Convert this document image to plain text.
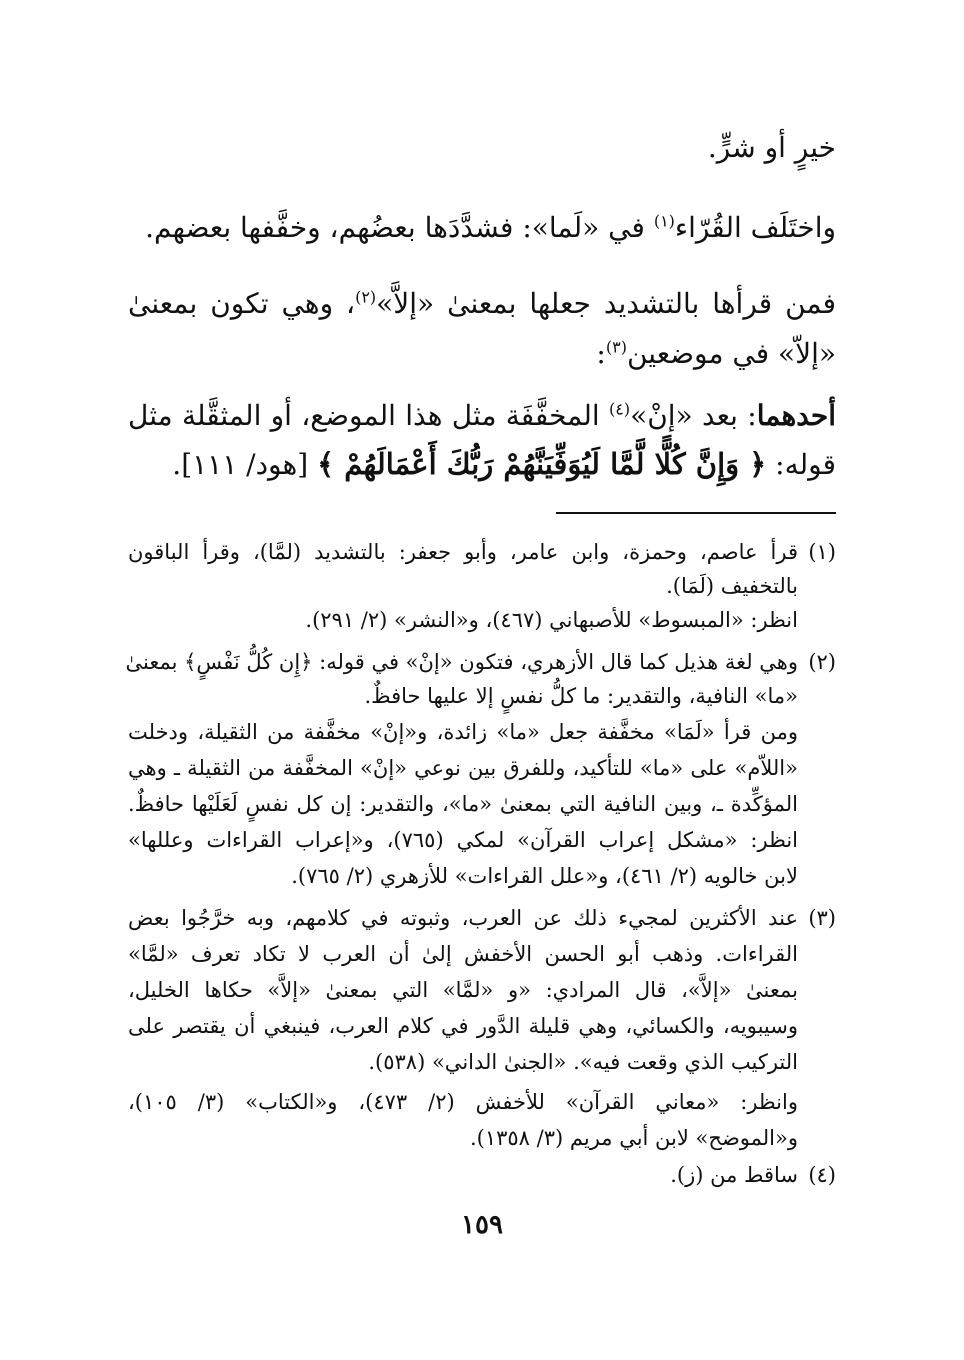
خيرٍ أو شرٍّ.
واختَلَف القُرّاء$^{(١)}$ في «لَما»: فشدَّدَها بعضُهم، وخفَّفها بعضهم.
فمن قرأها بالتشديد جعلها بمعنىٰ «إلاَّ»$^{(٢)}$، وهي تكون بمعنىٰ
«إلاّ» في موضعين$^{(٣)}$:
أحدهما: بعد «إنْ»$^{(٤)}$ المخفَّفَة مثل هذا الموضع، أو المثقَّلة مثل
قوله: ﴿ وَإِنَّ كُلًّا لَّمَّا لَيُوَفِّيَنَّهُمْ رَبُّكَ أَعْمَالَهُمْ ﴾ [هود/ ١١١].
(١)قرأ عاصم، وحمزة، وابن عامر، وأبو جعفر: بالتشديد (لمَّا)، وقرأ الباقون
بالتخفيف (لَمَا).
انظر: «المبسوط» للأصبهاني (٤٦٧)، و«النشر» (٢/ ٢٩١).
(٢)وهي لغة هذيل كما قال الأزهري، فتكون «إنْ» في قوله: ﴿إِن كُلُّ نَفْسٍ﴾ بمعنىٰ
«ما» النافية، والتقدير: ما كلُّ نفسٍ إلا عليها حافظٌ.
ومن قرأ «لَمَا» مخفَّفة جعل «ما» زائدة، و«إنْ» مخفَّفة من الثقيلة، ودخلت
«اللاّم» على «ما» للتأكيد، وللفرق بين نوعي «إنْ» المخفَّفة من الثقيلة ـ وهي
المؤكِّدة ـ، وبين النافية التي بمعنىٰ «ما»، والتقدير: إن كل نفسٍ لَعَلَيْها حافظٌ.
انظر: «مشكل إعراب القرآن» لمكي (٧٦٥)، و«إعراب القراءات وعللها»
لابن خالويه (٢/ ٤٦١)، و«علل القراءات» للأزهري (٢/ ٧٦٥).
(٣)عند الأكثرين لمجيء ذلك عن العرب، وثبوته في كلامهم، وبه خرَّجُوا بعض
القراءات. وذهب أبو الحسن الأخفش إلىٰ أن العرب لا تكاد تعرف «لمَّا»
بمعنىٰ «إلاَّ»، قال المرادي: «و «لمَّا» التي بمعنىٰ «إلاَّ» حكاها الخليل،
وسيبويه، والكسائي، وهي قليلة الدَّور في كلام العرب، فينبغي أن يقتصر على
التركيب الذي وقعت فيه». «الجنىٰ الداني» (٥٣٨).
وانظر: «معاني القرآن» للأخفش (٢/ ٤٧٣)، و«الكتاب» (٣/ ١٠٥)،
و«الموضح» لابن أبي مريم (٣/ ١٣٥٨).
(٤)ساقط من (ز).
١٥٩
